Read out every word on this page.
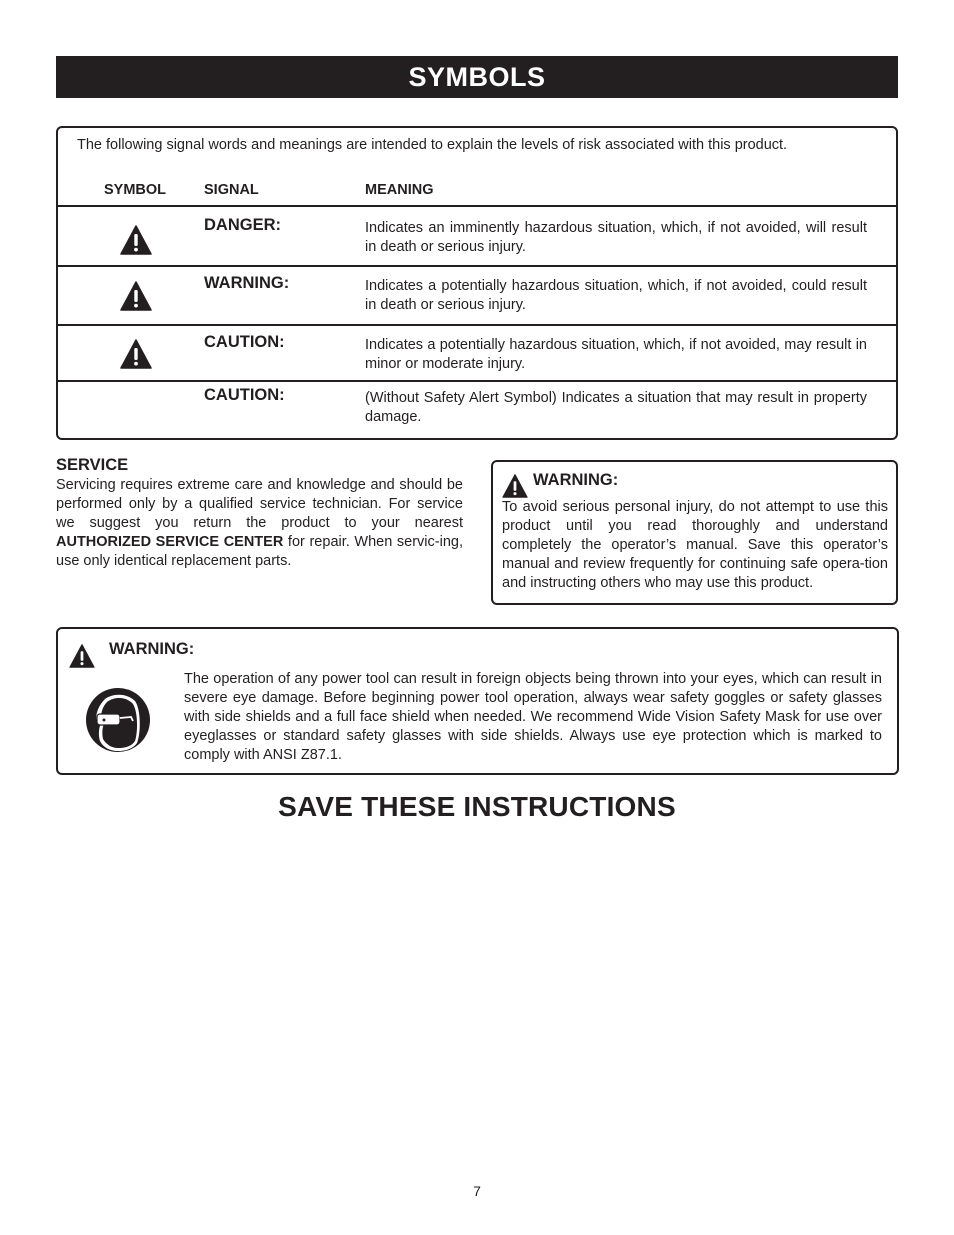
SYMBOLS
The following signal words and meanings are intended to explain the levels of risk associated with this product.
SYMBOL	SIGNAL	MEANING
DANGER:	Indicates an imminently hazardous situation, which, if not avoided, will result in death or serious injury.
WARNING:	Indicates a potentially hazardous situation, which, if not avoided, could result in death or serious injury.
CAUTION:	Indicates a potentially hazardous situation, which, if not avoided, may result in minor or moderate injury.
CAUTION:	(Without Safety Alert Symbol) Indicates a situation that may result in property damage.
SERVICE
Servicing requires extreme care and knowledge and should be performed only by a qualified service technician. For service we suggest you return the product to your nearest AUTHORIZED SERVICE CENTER for repair. When servic-ing, use only identical replacement parts.
WARNING:
To avoid serious personal injury, do not attempt to use this product until you read thoroughly and understand completely the operator’s manual. Save this operator’s manual and review frequently for continuing safe opera-tion and instructing others who may use this product.
WARNING:
The operation of any power tool can result in foreign objects being thrown into your eyes, which can result in severe eye damage. Before beginning power tool operation, always wear safety goggles or safety glasses with side shields and a full face shield when needed. We recommend Wide Vision Safety Mask for use over eyeglasses or standard safety glasses with side shields. Always use eye protection which is marked to comply with ANSI Z87.1.
SAVE THESE INSTRUCTIONS
7
